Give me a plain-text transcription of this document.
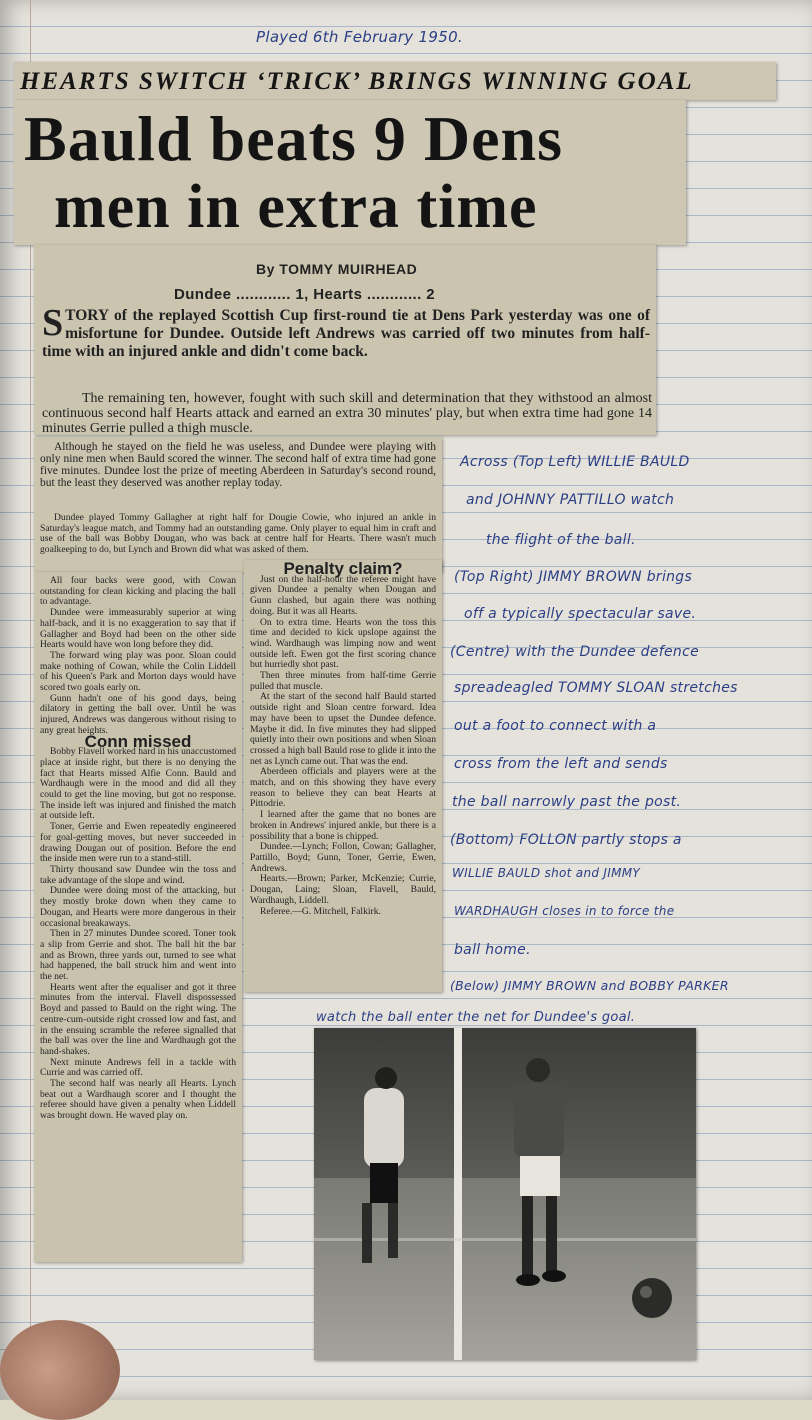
Played 6th February 1950.
HEARTS SWITCH ‘TRICK’ BRINGS WINNING GOAL
Bauld beats 9 Dens
men in extra time
By TOMMY MUIRHEAD
Dundee ............ 1, Hearts ............ 2
STORY of the replayed Scottish Cup first-round tie at Dens Park yesterday was one of misfortune for Dundee. Outside left Andrews was carried off two minutes from half-time with an injured ankle and didn't come back.
The remaining ten, however, fought with such skill and determination that they withstood an almost continuous second half Hearts attack and earned an extra 30 minutes' play, but when extra time had gone 14 minutes Gerrie pulled a thigh muscle.
Although he stayed on the field he was useless, and Dundee were playing with only nine men when Bauld scored the winner. The second half of extra time had gone five minutes. Dundee lost the prize of meeting Aberdeen in Saturday's second round, but the least they deserved was another replay today.
Dundee played Tommy Gallagher at right half for Dougie Cowie, who injured an ankle in Saturday's league match, and Tommy had an outstanding game. Only player to equal him in craft and use of the ball was Bobby Dougan, who was back at centre half for Hearts. There wasn't much goalkeeping to do, but Lynch and Brown did what was asked of them.

All four backs were good, with Cowan outstanding for clean kicking and placing the ball to advantage.

Dundee were immeasurably superior at wing half-back, and it is no exaggeration to say that if Gallagher and Boyd had been on the other side Hearts would have won long before they did.

The forward wing play was poor. Sloan could make nothing of Cowan, while the Colin Liddell of his Queen's Park and Morton days would have scored two goals early on.

Gunn hadn't one of his good days, being dilatory in getting the ball over. Until he was injured, Andrews was dangerous without rising to any great heights.

Conn missed

Bobby Flavell worked hard in his unaccustomed place at inside right, but there is no denying the fact that Hearts missed Alfie Conn. Bauld and Wardhaugh were in the mood and did all they could to get the line moving, but got no response. The inside left was injured and finished the match at outside left.

Toner, Gerrie and Ewen repeatedly engineered for goal-getting moves, but never succeeded in drawing Dougan out of position. Before the end the inside men were run to a stand-still.

Thirty thousand saw Dundee win the toss and take advantage of the slope and wind.

Dundee were doing most of the attacking, but they mostly broke down when they came to Dougan, and Hearts were more dangerous in their occasional breakaways.

Then in 27 minutes Dundee scored. Toner took a slip from Gerrie and shot. The ball hit the bar and as Brown, three yards out, turned to see what had happened, the ball struck him and went into the net.

Hearts went after the equaliser and got it three minutes from the interval. Flavell dispossessed Boyd and passed to Bauld on the right wing. The centre-cum-outside right crossed low and fast, and in the ensuing scramble the referee signalled that the ball was over the line and Wardhaugh got the hand-shakes.

Next minute Andrews fell in a tackle with Currie and was carried off.

The second half was nearly all Hearts. Lynch beat out a Wardhaugh scorer and I thought the referee should have given a penalty when Liddell was brought down. He waved play on.

Penalty claim?

Just on the half-hour the referee might have given Dundee a penalty when Dougan and Gunn clashed, but again there was nothing doing. But it was all Hearts.

On to extra time. Hearts won the toss this time and decided to kick upslope against the wind. Wardhaugh was limping now and went outside left. Ewen got the first scoring chance but hurriedly shot past.

Then three minutes from half-time Gerrie pulled that muscle.

At the start of the second half Bauld started outside right and Sloan centre forward. Idea may have been to upset the Dundee defence. Maybe it did. In five minutes they had slipped quietly into their own positions and when Sloan crossed a high ball Bauld rose to glide it into the net as Lynch came out. That was the end.

Aberdeen officials and players were at the match, and on this showing they have every reason to believe they can beat Hearts at Pittodrie.

I learned after the game that no bones are broken in Andrews' injured ankle, but there is a possibility that a bone is chipped.

Dundee.—Lynch; Follon, Cowan; Gallagher, Pattillo, Boyd; Gunn, Toner, Gerrie, Ewen, Andrews.

Hearts.—Brown; Parker, McKenzie; Currie, Dougan, Laing; Sloan, Flavell, Bauld, Wardhaugh, Liddell.

Referee.—G. Mitchell, Falkirk.

Across (Top Left) WILLIE BAULD
and JOHNNY PATTILLO watch
the flight of the ball.
(Top Right) JIMMY BROWN brings
off a typically spectacular save.
(Centre) with the Dundee defence
spreadeagled TOMMY SLOAN stretches
out a foot to connect with a
cross from the left and sends
the ball narrowly past the post.
(Bottom) FOLLON partly stops a
WILLIE BAULD shot and JIMMY
WARDHAUGH closes in to force the
ball home.
(Below) JIMMY BROWN and BOBBY PARKER
watch the ball enter the net for Dundee's goal.
